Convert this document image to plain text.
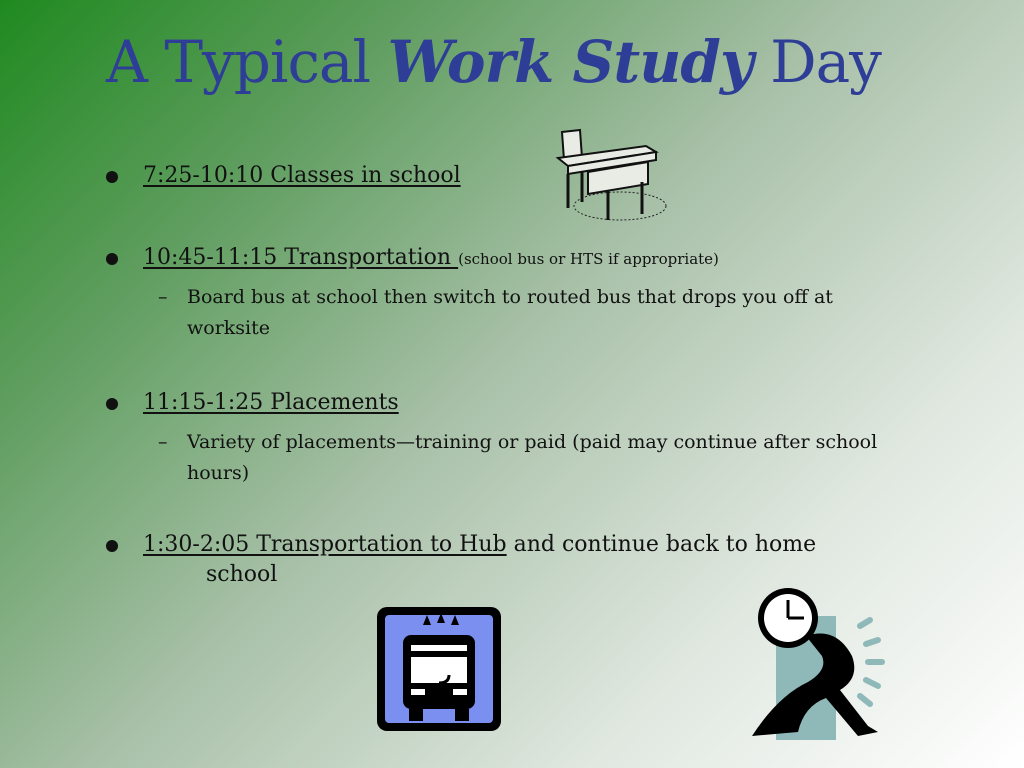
A Typical Work Study Day
7:25-10:10 Classes in school
10:45-11:15 Transportation (school bus or HTS if appropriate)
– Board bus at school then switch to routed bus that drops you off at worksite
11:15-1:25 Placements
– Variety of placements—training or paid (paid may continue after school hours)
1:30-2:05 Transportation to Hub and continue back to home
school
